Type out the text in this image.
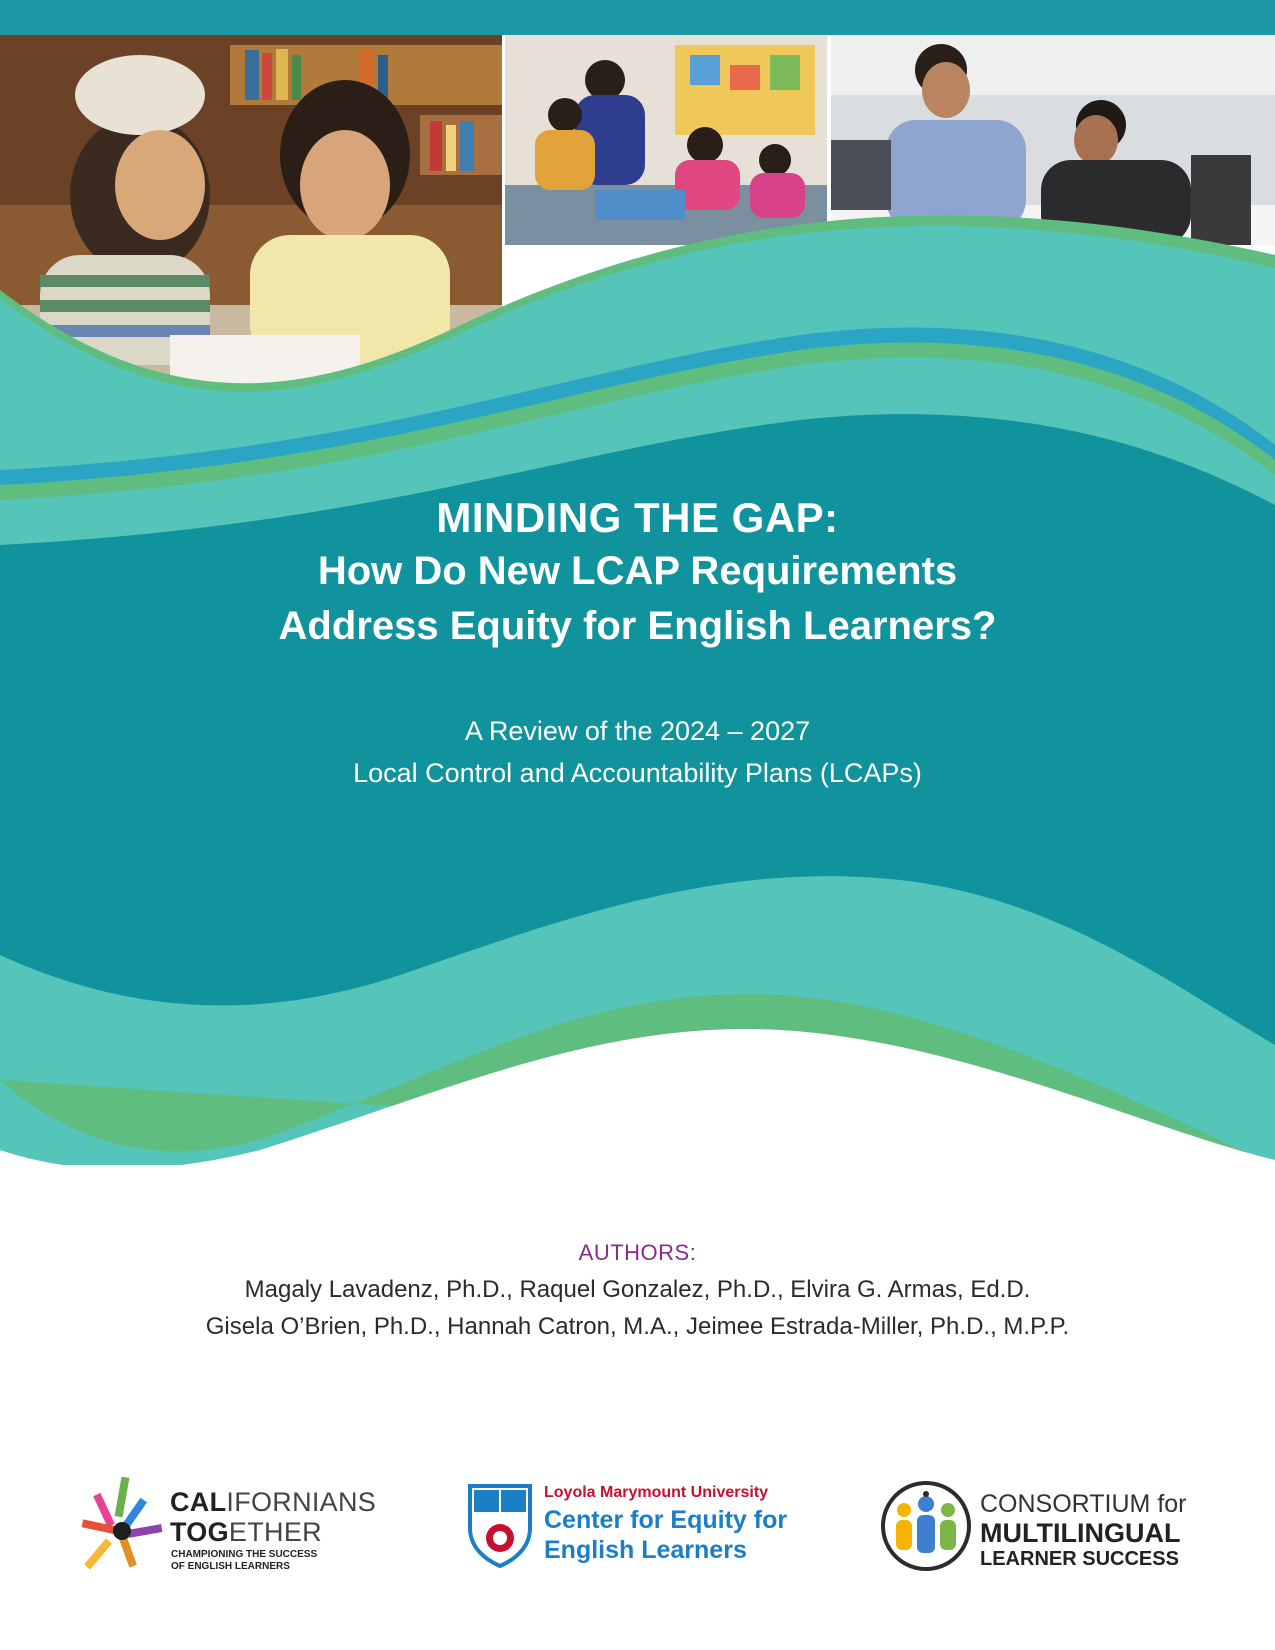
MINDING THE GAP:
How Do New LCAP Requirements
Address Equity for English Learners?
A Review of the 2024 – 2027
Local Control and Accountability Plans (LCAPs)
AUTHORS:
Magaly Lavadenz, Ph.D., Raquel Gonzalez, Ph.D., Elvira G. Armas, Ed.D.
Gisela O’Brien, Ph.D., Hannah Catron, M.A., Jeimee Estrada-Miller, Ph.D., M.P.P.
CALIFORNIANS
TOGETHER
CHAMPIONING THE SUCCESS
OF ENGLISH LEARNERS
Loyola Marymount University
Center for Equity for
English Learners
CONSORTIUM for
MULTILINGUAL
LEARNER SUCCESS
